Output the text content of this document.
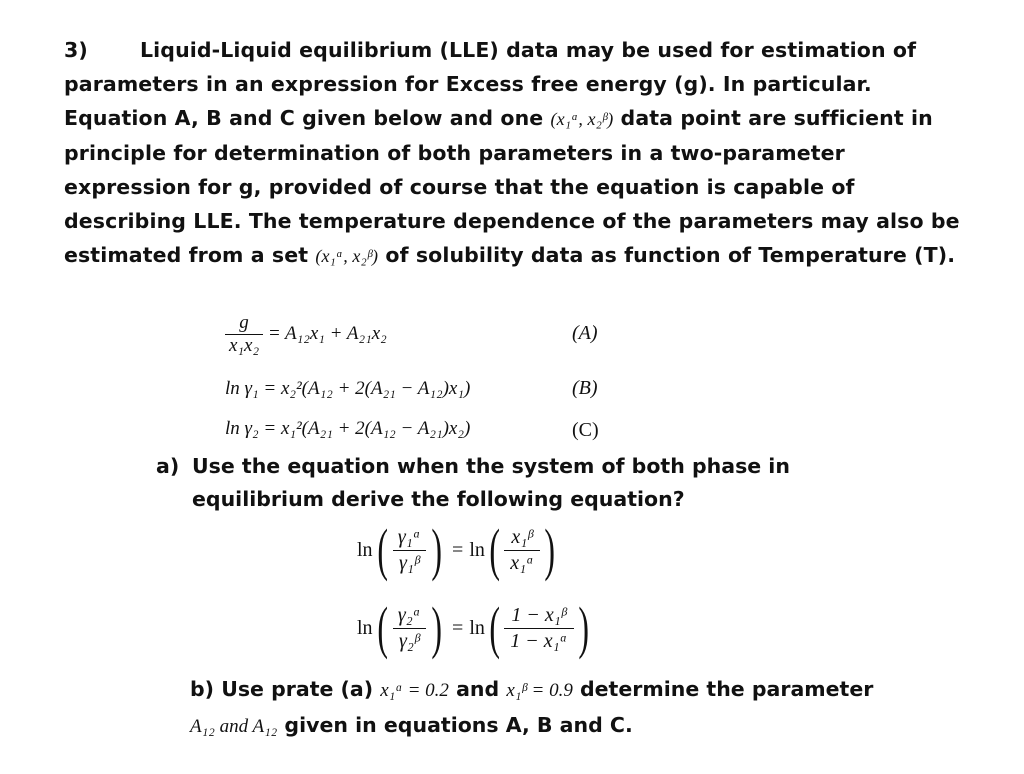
3)	Liquid-Liquid equilibrium (LLE) data may be used for estimation of parameters in an expression for Excess free energy (g). In particular. Equation A, B and C given below and one (x₁ᵅ, x₂ᵝ) data point are sufficient in principle for determination of both parameters in a two-parameter expression for g, provided of course that the equation is capable of describing LLE. The temperature dependence of the parameters may also be estimated from a set (x₁ᵅ, x₂ᵝ) of solubility data as function of Temperature (T).
$\frac{g}{\text{x₁x₂}} = A_{12}x_1 + A_{21}x_2$	(A)
ln γ₁ = x₂²(A₁₂ + 2(A₂₁ − A₁₂)x₁)	(B)
ln γ₂ = x₁²(A₂₁ + 2(A₁₂ − A₂₁)x₂)	(C)
a) Use the equation when the system of both phase in
equilibrium derive the following equation?
ln ( $\frac{\text{γ₁ᵅ}}{\text{γ₁ᵝ}}$ ) = ln ( $\frac{\text{x₁ᵝ}}{\text{x₁ᵅ}}$ )
ln ( $\frac{\text{γ₂ᵅ}}{\text{γ₂ᵝ}}$ ) = ln ( $\frac{\text{1 − x₁ᵝ}}{\text{1 − x₁ᵅ}}$ )
b) Use prate (a) x₁ᵅ = 0.2 and x₁ᵝ = 0.9 determine the parameter
A₁₂ and A₁₂ given in equations A, B and C.
